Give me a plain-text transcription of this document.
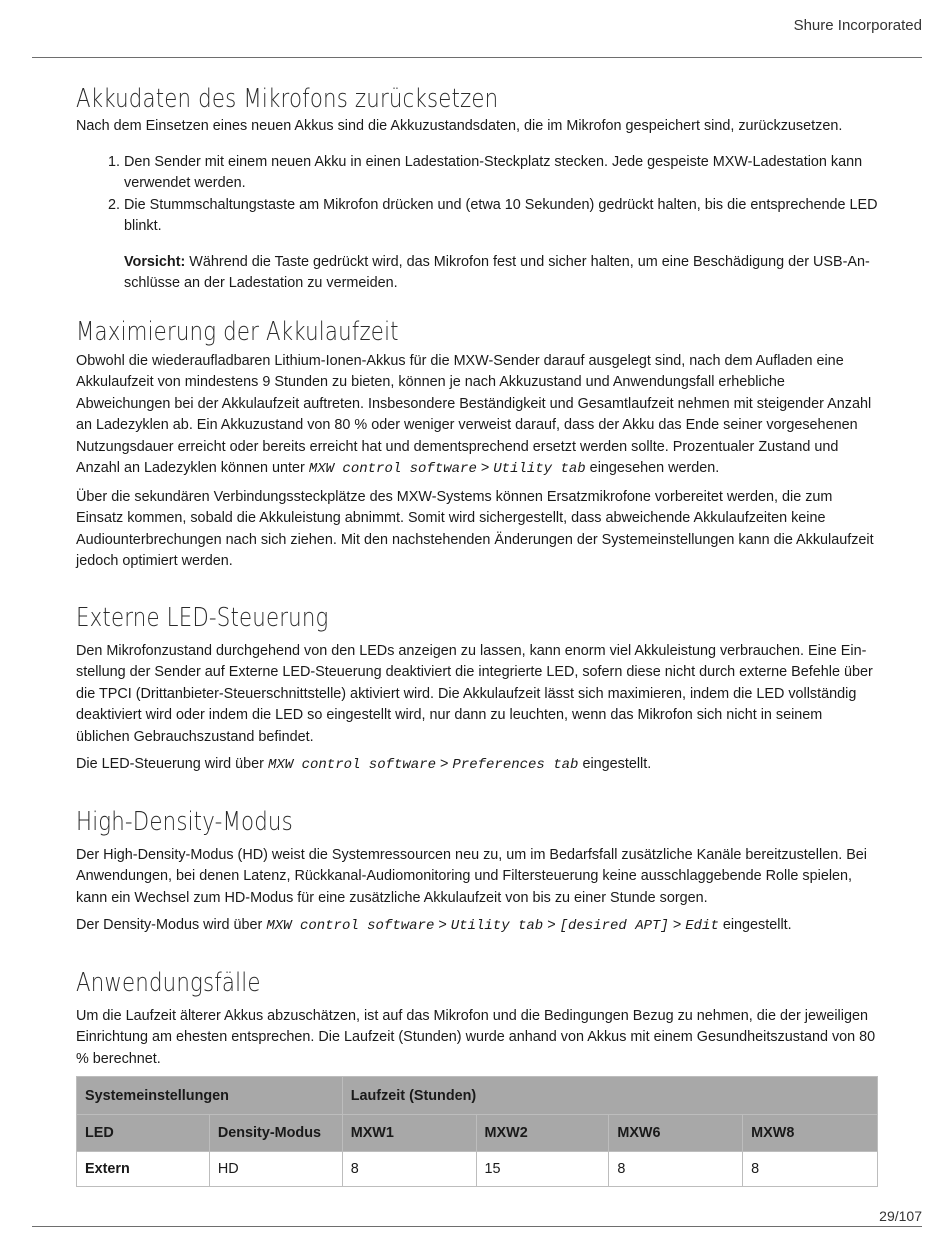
Shure Incorporated
Akkudaten des Mikrofons zurücksetzen

Nach dem Einsetzen eines neuen Akkus sind die Akkuzustandsdaten, die im Mikrofon gespeichert sind, zurückzusetzen.

1. Den Sender mit einem neuen Akku in einen Ladestation-Steckplatz stecken. Jede gespeiste MXW-Ladestation kann verwendet werden.
2. Die Stummschaltungstaste am Mikrofon drücken und (etwa 10 Sekunden) gedrückt halten, bis die entsprechende LED blinkt.

Vorsicht: Während die Taste gedrückt wird, das Mikrofon fest und sicher halten, um eine Beschädigung der USB-Anschlüsse an der Ladestation zu vermeiden.

Maximierung der Akkulaufzeit

Obwohl die wiederaufladbaren Lithium-Ionen-Akkus für die MXW-Sender darauf ausgelegt sind, nach dem Aufladen eine Akkulaufzeit von mindestens 9 Stunden zu bieten, können je nach Akkuzustand und Anwendungsfall erhebliche Abweichungen bei der Akkulaufzeit auftreten. Insbesondere Beständigkeit und Gesamtlaufzeit nehmen mit steigender Anzahl an Ladezyklen ab. Ein Akkuzustand von 80 % oder weniger verweist darauf, dass der Akku das Ende seiner vorgesehenen Nutzungsdauer erreicht oder bereits erreicht hat und dementsprechend ersetzt werden sollte. Prozentualer Zustand und Anzahl an Ladezyklen können unter MXW control software > Utility tab eingesehen werden.

Über die sekundären Verbindungssteckplätze des MXW-Systems können Ersatzmikrofone vorbereitet werden, die zum Einsatz kommen, sobald die Akkuleistung abnimmt. Somit wird sichergestellt, dass abweichende Akkulaufzeiten keine Audiounterbrechungen nach sich ziehen. Mit den nachstehenden Änderungen der Systemeinstellungen kann die Akkulaufzeit jedoch optimiert werden.

Externe LED-Steuerung

Den Mikrofonzustand durchgehend von den LEDs anzeigen zu lassen, kann enorm viel Akkuleistung verbrauchen. Eine Einstellung der Sender auf Externe LED-Steuerung deaktiviert die integrierte LED, sofern diese nicht durch externe Befehle über die TPCI (Drittanbieter-Steuerschnittstelle) aktiviert wird. Die Akkulaufzeit lässt sich maximieren, indem die LED vollständig deaktiviert wird oder indem die LED so eingestellt wird, nur dann zu leuchten, wenn das Mikrofon sich nicht in seinem üblichen Gebrauchszustand befindet.

Die LED-Steuerung wird über MXW control software > Preferences tab eingestellt.

High-Density-Modus

Der High-Density-Modus (HD) weist die Systemressourcen neu zu, um im Bedarfsfall zusätzliche Kanäle bereitzustellen. Bei Anwendungen, bei denen Latenz, Rückkanal-Audiomonitoring und Filtersteuerung keine ausschlaggebende Rolle spielen, kann ein Wechsel zum HD-Modus für eine zusätzliche Akkulaufzeit von bis zu einer Stunde sorgen.

Der Density-Modus wird über MXW control software > Utility tab > [desired APT] > Edit eingestellt.

Anwendungsfälle

Um die Laufzeit älterer Akkus abzuschätzen, ist auf das Mikrofon und die Bedingungen Bezug zu nehmen, die der jeweiligen Einrichtung am ehesten entsprechen. Die Laufzeit (Stunden) wurde anhand von Akkus mit einem Gesundheitszustand von 80 % berechnet.

Systemeinstellungen		Laufzeit (Stunden)			
LED	Density-Modus	MXW1	MXW2	MXW6	MXW8
Extern	HD	8	15	8	8
29/107
